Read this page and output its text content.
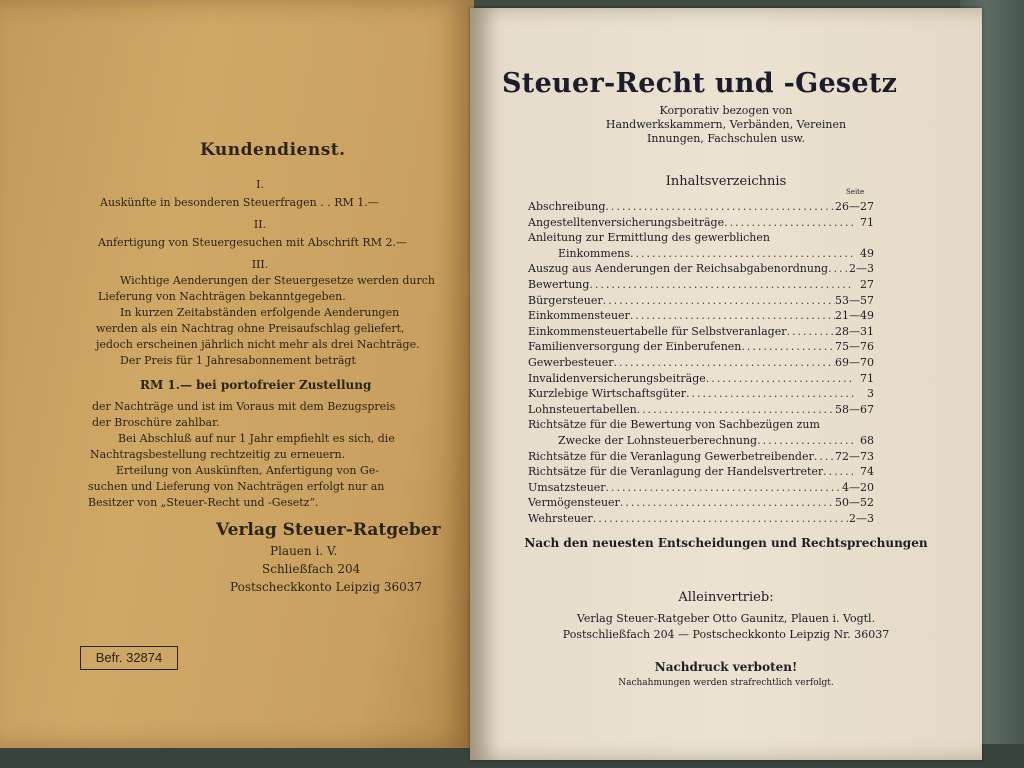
Kundendienst.
I.
Auskünfte in besonderen Steuerfragen . . RM 1.—
II.
Anfertigung von Steuergesuchen mit Abschrift RM 2.—
III.
Wichtige Aenderungen der Steuergesetze werden durch
Lieferung von Nachträgen bekanntgegeben.
In kurzen Zeitabständen erfolgende Aenderungen
werden als ein Nachtrag ohne Preisaufschlag geliefert,
jedoch erscheinen jährlich nicht mehr als drei Nachträge.
Der Preis für 1 Jahresabonnement beträgt
RM 1.— bei portofreier Zustellung
der Nachträge und ist im Voraus mit dem Bezugspreis
der Broschüre zahlbar.
Bei Abschluß auf nur 1 Jahr empfiehlt es sich, die
Nachtragsbestellung rechtzeitig zu erneuern.
Erteilung von Auskünften, Anfertigung von Ge-
suchen und Lieferung von Nachträgen erfolgt nur an
Besitzer von „Steuer-Recht und -Gesetz“.
Verlag Steuer-Ratgeber
Plauen i. V.
Schließfach 204
Postscheckkonto Leipzig 36037
Befr. 32874
Steuer-Recht und -Gesetz
Korporativ bezogen von
Handwerkskammern, Verbänden, Vereinen
Innungen, Fachschulen usw.
Inhaltsverzeichnis
Seite
Abschreibung .....	26—27
Angestelltenversicherungsbeiträge .....	71
Anleitung zur Ermittlung des gewerblichen
Einkommens .....	49
Auszug aus Aenderungen der Reichsabgabenordnung ..... 2—3
Bewertung .....	27
Bürgersteuer .....	53—57
Einkommensteuer .....	21—49
Einkommensteuertabelle für Selbstveranlager .....	28—31
Familienversorgung der Einberufenen .....	75—76
Gewerbesteuer .....	69—70
Invalidenversicherungsbeiträge .....	71
Kurzlebige Wirtschaftsgüter .....	3
Lohnsteuertabellen .....	58—67
Richtsätze für die Bewertung von Sachbezügen zum
Zwecke der Lohnsteuerberechnung .....	68
Richtsätze für die Veranlagung Gewerbetreibender ..... 72—73
Richtsätze für die Veranlagung der Handelsvertreter .....	74
Umsatzsteuer .....	4—20
Vermögensteuer .....	50—52
Wehrsteuer .....	2—3
Nach den neuesten Entscheidungen und Rechtsprechungen
Alleinvertrieb:
Verlag Steuer-Ratgeber Otto Gaunitz, Plauen i. Vogtl.
Postschließfach 204 — Postscheckkonto Leipzig Nr. 36037
Nachdruck verboten!
Nachahmungen werden strafrechtlich verfolgt.
